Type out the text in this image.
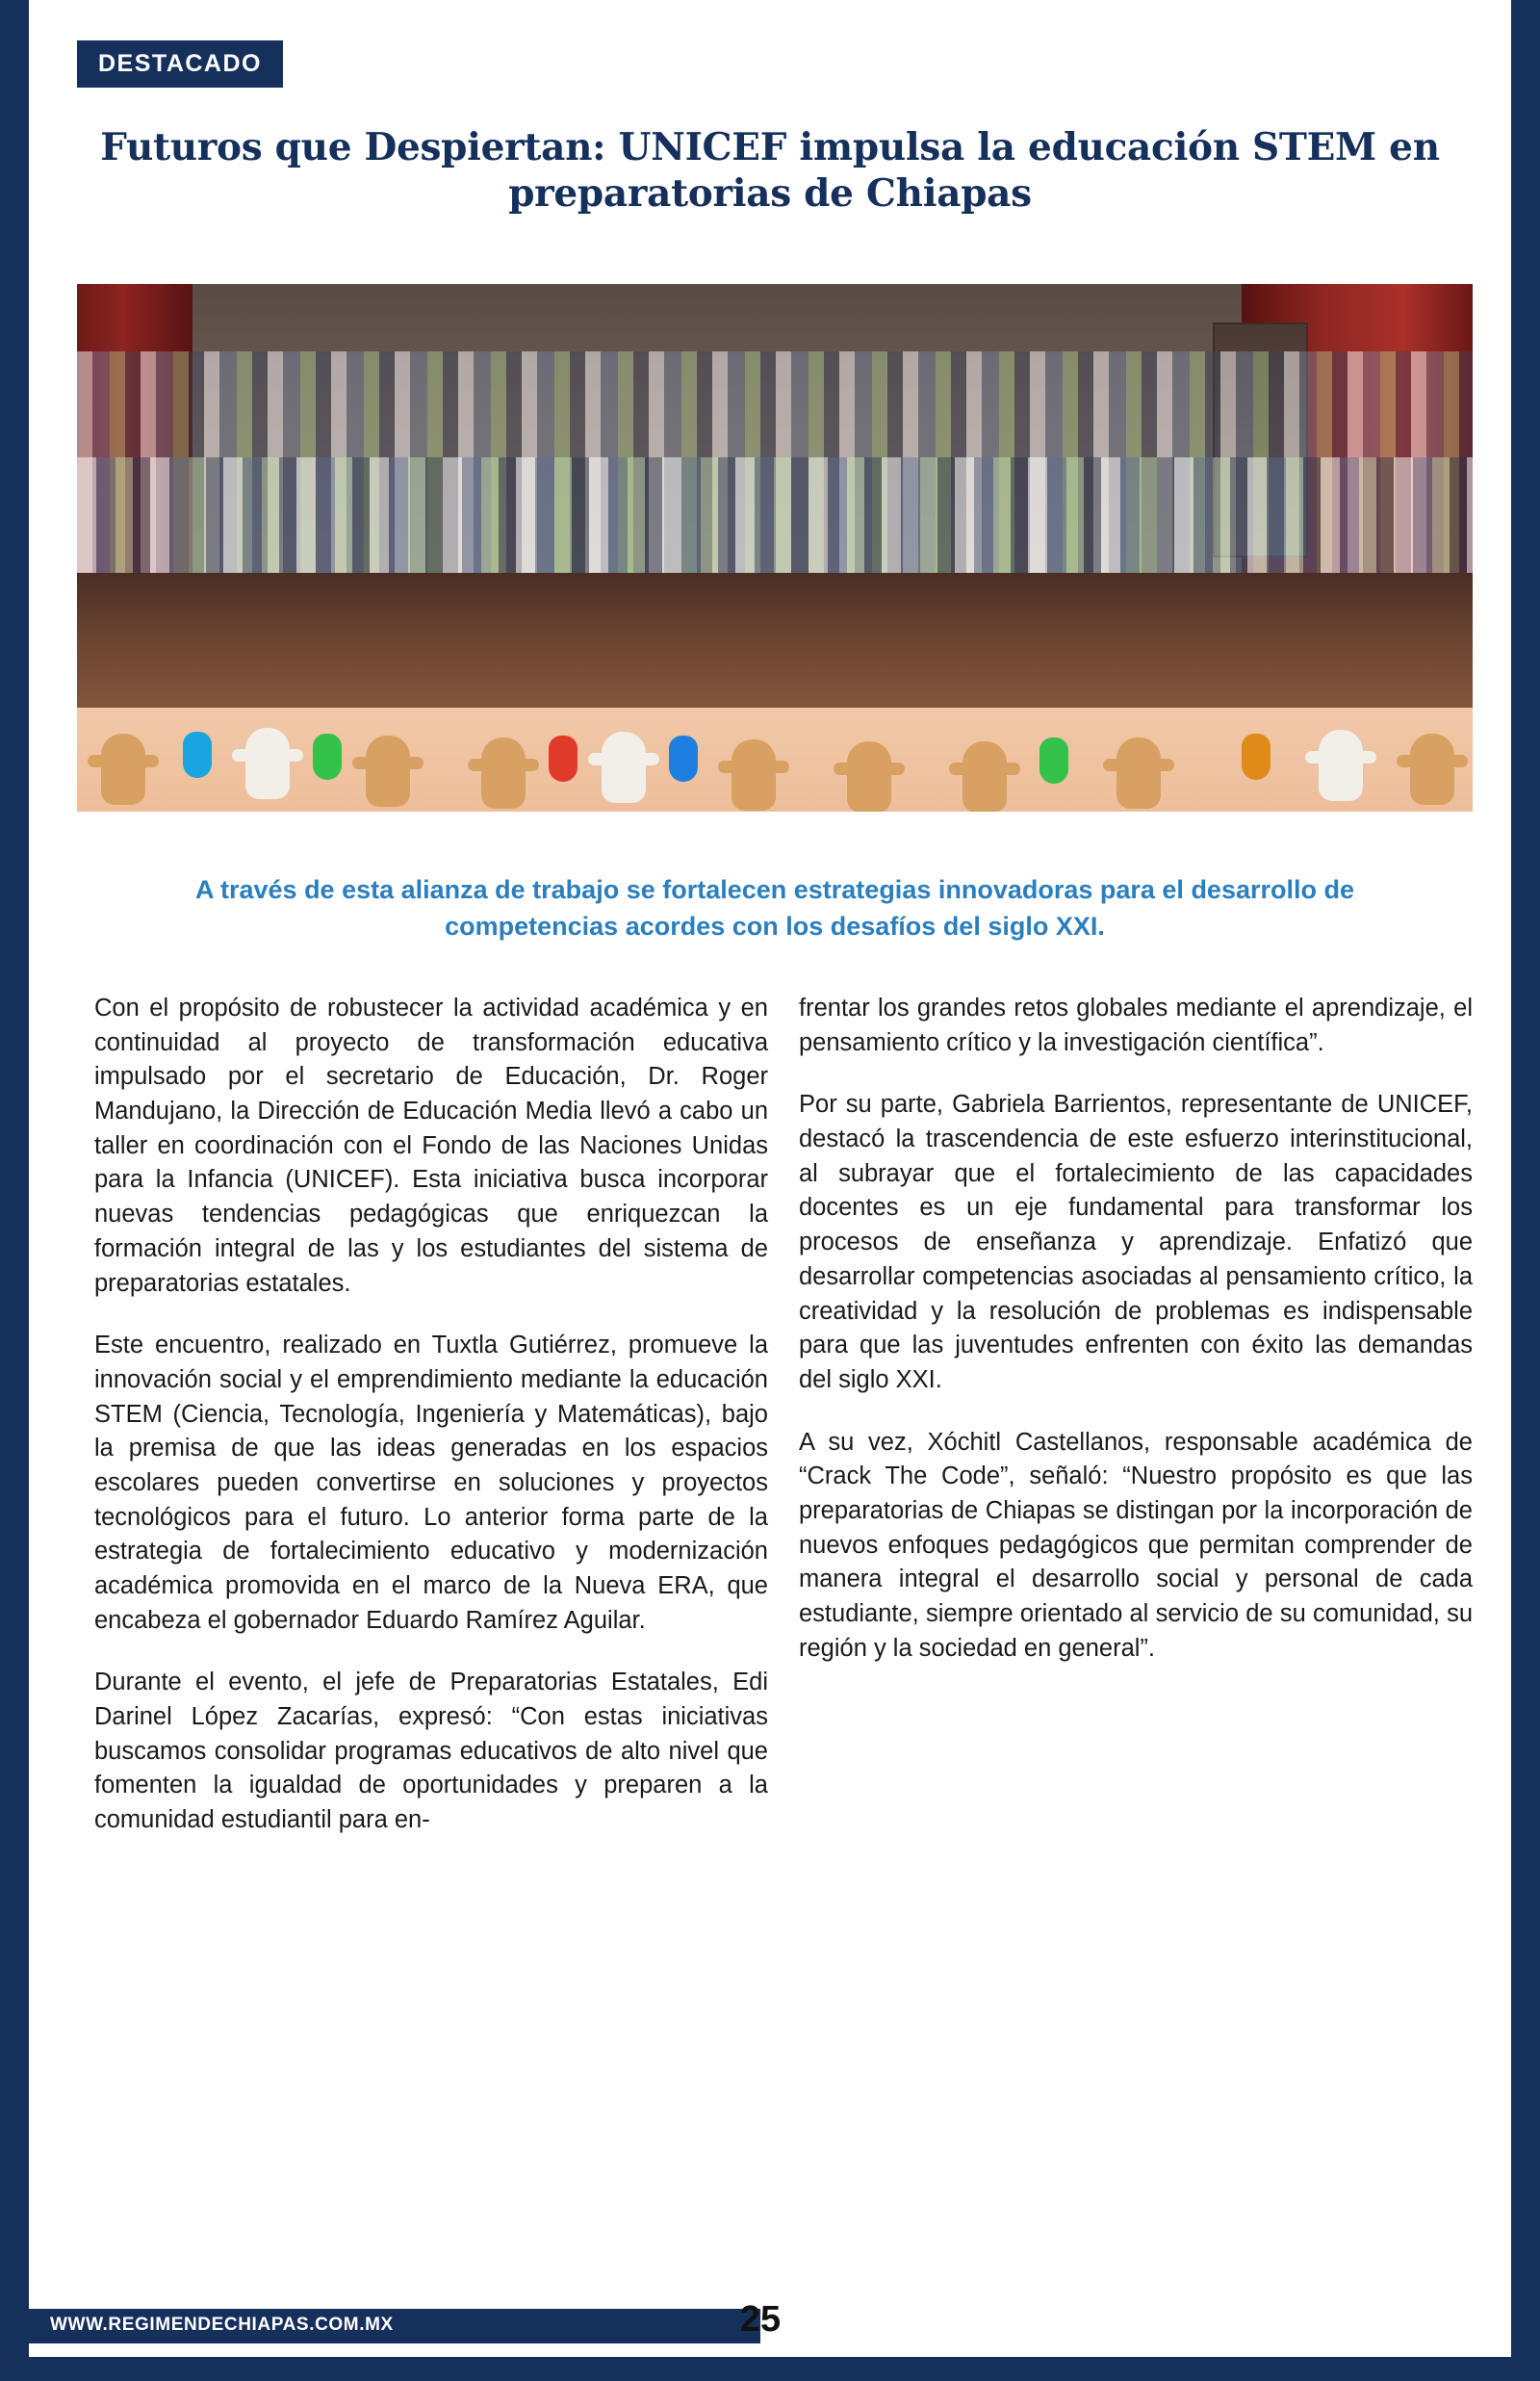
DESTACADO
Futuros que Despiertan: UNICEF impulsa la educación STEM en preparatorias de Chiapas
A través de esta alianza de trabajo se fortalecen estrategias innovadoras para el desarrollo de competencias acordes con los desafíos del siglo XXI.

Con el propósito de robustecer la actividad académica y en continuidad al proyecto de transformación educativa impulsado por el secretario de Educación, Dr. Roger Mandujano, la Dirección de Educación Media llevó a cabo un taller en coordinación con el Fondo de las Naciones Unidas para la Infancia (UNICEF). Esta iniciativa busca incorporar nuevas tendencias pedagógicas que enriquezcan la formación integral de las y los estudiantes del sistema de preparatorias estatales.

Este encuentro, realizado en Tuxtla Gutiérrez, promueve la innovación social y el emprendimiento mediante la educación STEM (Ciencia, Tecnología, Ingeniería y Matemáticas), bajo la premisa de que las ideas generadas en los espacios escolares pueden convertirse en soluciones y proyectos tecnológicos para el futuro. Lo anterior forma parte de la estrategia de fortalecimiento educativo y modernización académica promovida en el marco de la Nueva ERA, que encabeza el gobernador Eduardo Ramírez Aguilar.

Durante el evento, el jefe de Preparatorias Estatales, Edi Darinel López Zacarías, expresó: “Con estas iniciativas buscamos consolidar programas educativos de alto nivel que fomenten la igualdad de oportunidades y preparen a la comunidad estudiantil para en-

frentar los grandes retos globales mediante el aprendizaje, el pensamiento crítico y la investigación científica”.

Por su parte, Gabriela Barrientos, representante de UNICEF, destacó la trascendencia de este esfuerzo interinstitucional, al subrayar que el fortalecimiento de las capacidades docentes es un eje fundamental para transformar los procesos de enseñanza y aprendizaje. Enfatizó que desarrollar competencias asociadas al pensamiento crítico, la creatividad y la resolución de problemas es indispensable para que las juventudes enfrenten con éxito las demandas del siglo XXI.

A su vez, Xóchitl Castellanos, responsable académica de “Crack The Code”, señaló: “Nuestro propósito es que las preparatorias de Chiapas se distingan por la incorporación de nuevos enfoques pedagógicos que permitan comprender de manera integral el desarrollo social y personal de cada estudiante, siempre orientado al servicio de su comunidad, su región y la sociedad en general”.

WWW.REGIMENDECHIAPAS.COM.MX	25
